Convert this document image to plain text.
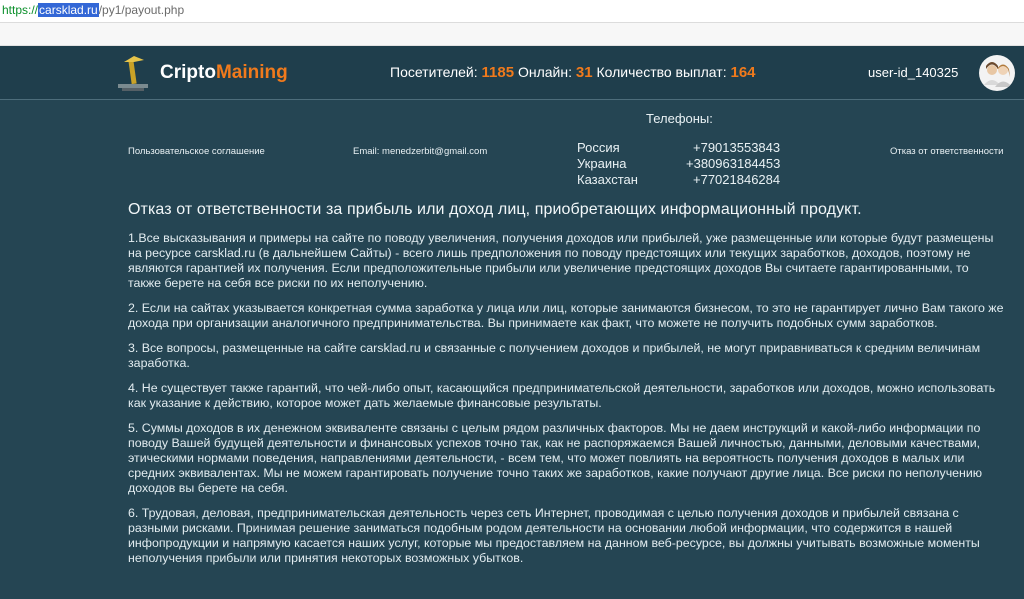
https://carsklad.ru/py1/payout.php
CriptoMaining	Посетителей: 1185 Онлайн: 31 Количество выплат: 164	user-id_140325
Пользовательское соглашение	Email: menedzerbit@gmail.com
Телефоны:
Россия	+79013553843
Украина	+380963184453
Казахстан	+77021846284
Отказ от ответственности
Отказ от ответственности за прибыль или доход лиц, приобретающих информационный продукт.

1.Все высказывания и примеры на сайте по поводу увеличения, получения доходов или прибылей, уже размещенные или которые будут размещены на ресурсе carsklad.ru (в дальнейшем Сайты) - всего лишь предположения по поводу предстоящих или текущих заработков, доходов, поэтому не являются гарантией их получения. Если предположительные прибыли или увеличение предстоящих доходов Вы считаете гарантированными, то также берете на себя все риски по их неполучению.

2. Если на сайтах указывается конкретная сумма заработка у лица или лиц, которые занимаются бизнесом, то это не гарантирует лично Вам такого же дохода при организации аналогичного предпринимательства. Вы принимаете как факт, что можете не получить подобных сумм заработков.

3. Все вопросы, размещенные на сайте carsklad.ru и связанные с получением доходов и прибылей, не могут приравниваться к средним величинам заработка.

4. Не существует также гарантий, что чей-либо опыт, касающийся предпринимательской деятельности, заработков или доходов, можно использовать как указание к действию, которое может дать желаемые финансовые результаты.

5. Суммы доходов в их денежном эквиваленте связаны с целым рядом различных факторов. Мы не даем инструкций и какой-либо информации по поводу Вашей будущей деятельности и финансовых успехов точно так, как не распоряжаемся Вашей личностью, данными, деловыми качествами, этическими нормами поведения, направлениями деятельности, - всем тем, что может повлиять на вероятность получения доходов в малых или средних эквивалентах. Мы не можем гарантировать получение точно таких же заработков, какие получают другие лица. Все риски по неполучению доходов вы берете на себя.

6. Трудовая, деловая, предпринимательская деятельность через сеть Интернет, проводимая с целью получения доходов и прибылей связана с разными рисками. Принимая решение заниматься подобным родом деятельности на основании любой информации, что содержится в нашей инфопродукции и напрямую касается наших услуг, которые мы предоставляем на данном веб-ресурсе, вы должны учитывать возможные моменты неполучения прибыли или принятия некоторых возможных убытков.
